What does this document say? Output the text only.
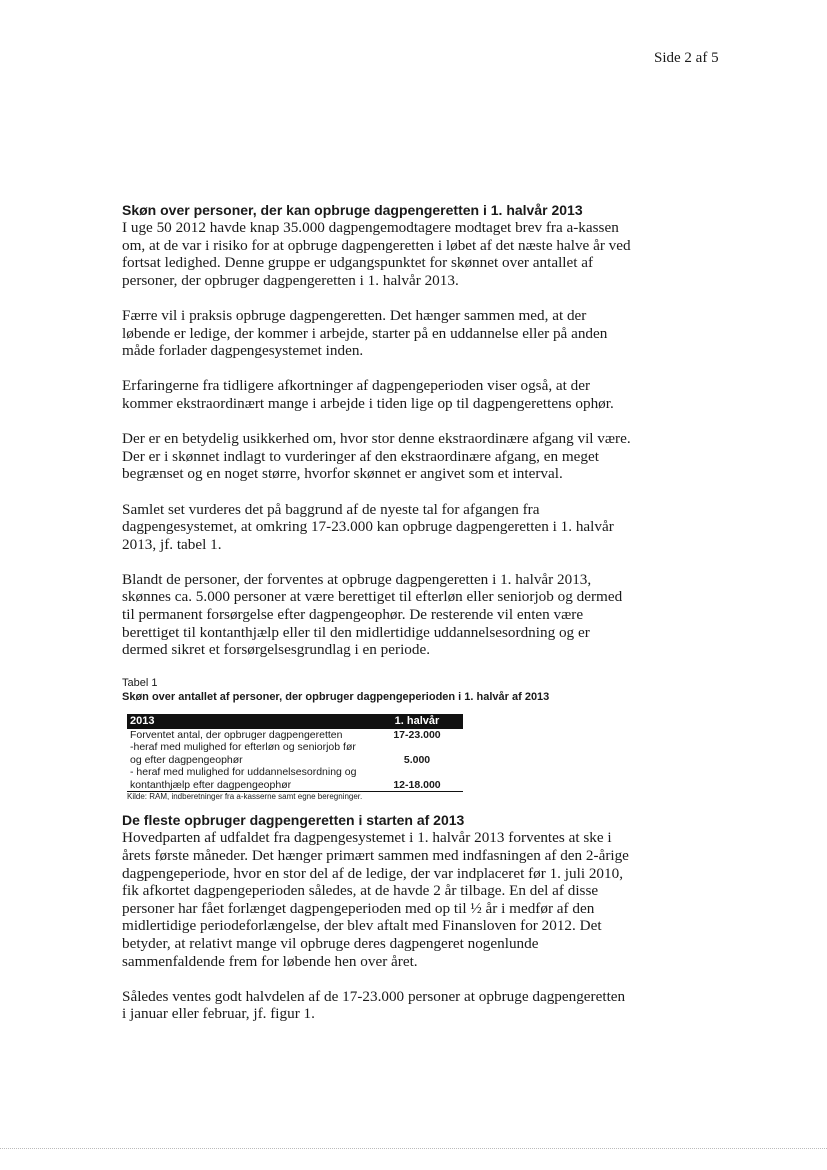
Side 2 af 5
Skøn over personer, der kan opbruge dagpengeretten i 1. halvår 2013

I uge 50 2012 havde knap 35.000 dagpengemodtagere modtaget brev fra a-kassen om, at de var i risiko for at opbruge dagpengeretten i løbet af det næste halve år ved fortsat ledighed. Denne gruppe er udgangspunktet for skønnet over antallet af personer, der opbruger dagpengeretten i 1. halvår 2013.

Færre vil i praksis opbruge dagpengeretten. Det hænger sammen med, at der løbende er ledige, der kommer i arbejde, starter på en uddannelse eller på anden måde forlader dagpengesystemet inden.

Erfaringerne fra tidligere afkortninger af dagpengeperioden viser også, at der kommer ekstraordinært mange i arbejde i tiden lige op til dagpengerettens ophør.

Der er en betydelig usikkerhed om, hvor stor denne ekstraordinære afgang vil være. Der er i skønnet indlagt to vurderinger af den ekstraordinære afgang, en meget begrænset og en noget større, hvorfor skønnet er angivet som et interval.

Samlet set vurderes det på baggrund af de nyeste tal for afgangen fra dagpengesystemet, at omkring 17-23.000 kan opbruge dagpengeretten i 1. halvår 2013, jf. tabel 1.

Blandt de personer, der forventes at opbruge dagpengeretten i 1. halvår 2013, skønnes ca. 5.000 personer at være berettiget til efterløn eller seniorjob og dermed til permanent forsørgelse efter dagpengeophør. De resterende vil enten være berettiget til kontanthjælp eller til den midlertidige uddannelsesordning og er dermed sikret et forsørgelsesgrundlag i en periode.

Tabel 1
Skøn over antallet af personer, der opbruger dagpengeperioden i 1. halvår af 2013
2013	1. halvår
Forventet antal, der opbruger dagpengeretten	17-23.000
-heraf med mulighed for efterløn og seniorjob før og efter dagpengeophør	5.000
- heraf med mulighed for uddannelsesordning og kontanthjælp efter dagpengeophør	12-18.000
Kilde: RAM, indberetninger fra a-kasserne samt egne beregninger.
De fleste opbruger dagpengeretten i starten af 2013

Hovedparten af udfaldet fra dagpengesystemet i 1. halvår 2013 forventes at ske i årets første måneder. Det hænger primært sammen med indfasningen af den 2-årige dagpengeperiode, hvor en stor del af de ledige, der var indplaceret før 1. juli 2010, fik afkortet dagpengeperioden således, at de havde 2 år tilbage. En del af disse personer har fået forlænget dagpengeperioden med op til ½ år i medfør af den midlertidige periodeforlængelse, der blev aftalt med Finansloven for 2012. Det betyder, at relativt mange vil opbruge deres dagpengeret nogenlunde sammenfaldende frem for løbende hen over året.

Således ventes godt halvdelen af de 17-23.000 personer at opbruge dagpengeretten i januar eller februar, jf. figur 1.
